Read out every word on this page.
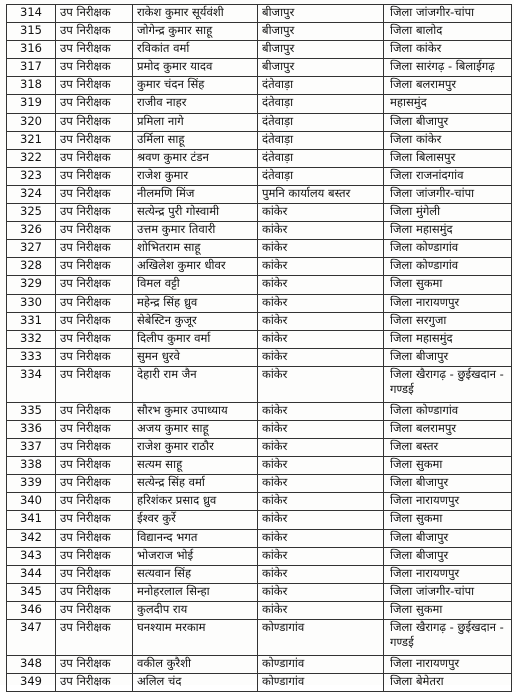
314	उप निरीक्षक	राकेश कुमार सूर्यवंशी	बीजापुर	जिला जांजगीर-चांपा
315	उप निरीक्षक	जोगेन्द्र कुमार साहू	बीजापुर	जिला बालोद
316	उप निरीक्षक	रविकांत वर्मा	बीजापुर	जिला कांकेर
317	उप निरीक्षक	प्रमोद कुमार यादव	बीजापुर	जिला सारंगढ़ - बिलाईगढ़
318	उप निरीक्षक	कुमार चंदन सिंह	दंतेवाड़ा	जिला बलरामपुर
319	उप निरीक्षक	राजीव नाहर	दंतेवाड़ा	महासमुंद
320	उप निरीक्षक	प्रमिला नागे	दंतेवाड़ा	जिला बीजापुर
321	उप निरीक्षक	उर्मिला साहू	दंतेवाड़ा	जिला कांकेर
322	उप निरीक्षक	श्रवण कुमार टंडन	दंतेवाड़ा	जिला बिलासपुर
323	उप निरीक्षक	राजेश कुमार	दंतेवाड़ा	जिला राजनांदगांव
324	उप निरीक्षक	नीलमणि मिंज	पुमनि कार्यालय बस्तर	जिला जांजगीर-चांपा
325	उप निरीक्षक	सत्येन्द्र पुरी गोस्वामी	कांकेर	जिला मुंगेली
326	उप निरीक्षक	उत्तम कुमार तिवारी	कांकेर	जिला महासमुंद
327	उप निरीक्षक	शोभितराम साहू	कांकेर	जिला कोण्डागांव
328	उप निरीक्षक	अखिलेश कुमार धीवर	कांकेर	जिला कोण्डागांव
329	उप निरीक्षक	विमल वट्टी	कांकेर	जिला सुकमा
330	उप निरीक्षक	महेन्द्र सिंह ध्रुव	कांकेर	जिला नारायणपुर
331	उप निरीक्षक	सेबेस्टिन कुजूर	कांकेर	जिला सरगुजा
332	उप निरीक्षक	दिलीप कुमार वर्मा	कांकेर	जिला महासमुंद
333	उप निरीक्षक	सुमन धुरवे	कांकेर	जिला बीजापुर
334	उप निरीक्षक	देहारी राम जैन	कांकेर	जिला खैरागढ़ - छुईखदान - गण्डई
335	उप निरीक्षक	सौरभ कुमार उपाध्याय	कांकेर	जिला कोण्डागांव
336	उप निरीक्षक	अजय कुमार साहू	कांकेर	जिला बलरामपुर
337	उप निरीक्षक	राजेश कुमार राठौर	कांकेर	जिला बस्तर
338	उप निरीक्षक	सत्यम साहू	कांकेर	जिला सुकमा
339	उप निरीक्षक	सत्येन्द्र सिंह वर्मा	कांकेर	जिला बीजापुर
340	उप निरीक्षक	हरिशंकर प्रसाद ध्रुव	कांकेर	जिला नारायणपुर
341	उप निरीक्षक	ईश्वर कुर्रे	कांकेर	जिला सुकमा
342	उप निरीक्षक	विद्यानन्द भगत	कांकेर	जिला बीजापुर
343	उप निरीक्षक	भोजराज भोई	कांकेर	जिला बीजापुर
344	उप निरीक्षक	सत्यवान सिंह	कांकेर	जिला नारायणपुर
345	उप निरीक्षक	मनोहरलाल सिन्हा	कांकेर	जिला जांजगीर-चांपा
346	उप निरीक्षक	कुलदीप राय	कांकेर	जिला सुकमा
347	उप निरीक्षक	घनश्याम मरकाम	कोण्डागांव	जिला खैरागढ़ - छुईखदान - गण्डई
348	उप निरीक्षक	वकील कुरैशी	कोण्डागांव	जिला नारायणपुर
349	उप निरीक्षक	अलिल चंद	कोण्डागांव	जिला बेमेतरा
